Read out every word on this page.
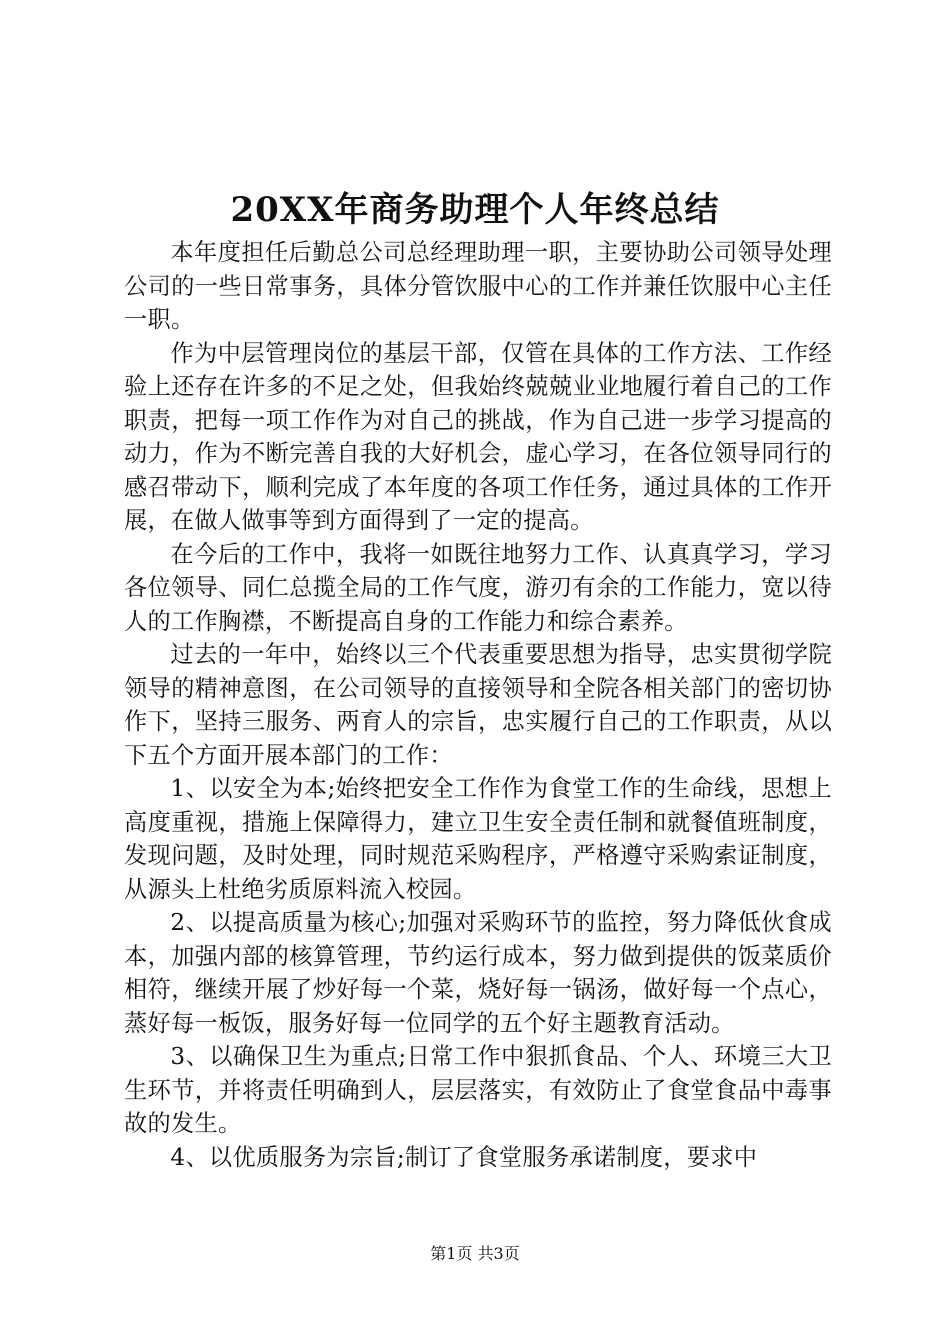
20XX年商务助理个人年终总结

本年度担任后勤总公司总经理助理一职，主要协助公司领导处理公司的一些日常事务，具体分管饮服中心的工作并兼任饮服中心主任一职。

作为中层管理岗位的基层干部，仅管在具体的工作方法、工作经验上还存在许多的不足之处，但我始终兢兢业业地履行着自己的工作职责，把每一项工作作为对自己的挑战，作为自己进一步学习提高的动力，作为不断完善自我的大好机会，虚心学习，在各位领导同行的感召带动下，顺利完成了本年度的各项工作任务，通过具体的工作开展，在做人做事等到方面得到了一定的提高。

在今后的工作中，我将一如既往地努力工作、认真真学习，学习各位领导、同仁总揽全局的工作气度，游刃有余的工作能力，宽以待人的工作胸襟，不断提高自身的工作能力和综合素养。

过去的一年中，始终以三个代表重要思想为指导，忠实贯彻学院领导的精神意图，在公司领导的直接领导和全院各相关部门的密切协作下，坚持三服务、两育人的宗旨，忠实履行自己的工作职责，从以下五个方面开展本部门的工作：

1、以安全为本;始终把安全工作作为食堂工作的生命线，思想上高度重视，措施上保障得力，建立卫生安全责任制和就餐值班制度，发现问题，及时处理，同时规范采购程序，严格遵守采购索证制度，从源头上杜绝劣质原料流入校园。

2、以提高质量为核心;加强对采购环节的监控，努力降低伙食成本，加强内部的核算管理，节约运行成本，努力做到提供的饭菜质价相符，继续开展了炒好每一个菜，烧好每一锅汤，做好每一个点心，蒸好每一板饭，服务好每一位同学的五个好主题教育活动。

3、以确保卫生为重点;日常工作中狠抓食品、个人、环境三大卫生环节，并将责任明确到人，层层落实，有效防止了食堂食品中毒事故的发生。

4、以优质服务为宗旨;制订了食堂服务承诺制度，要求中

第1页 共3页
